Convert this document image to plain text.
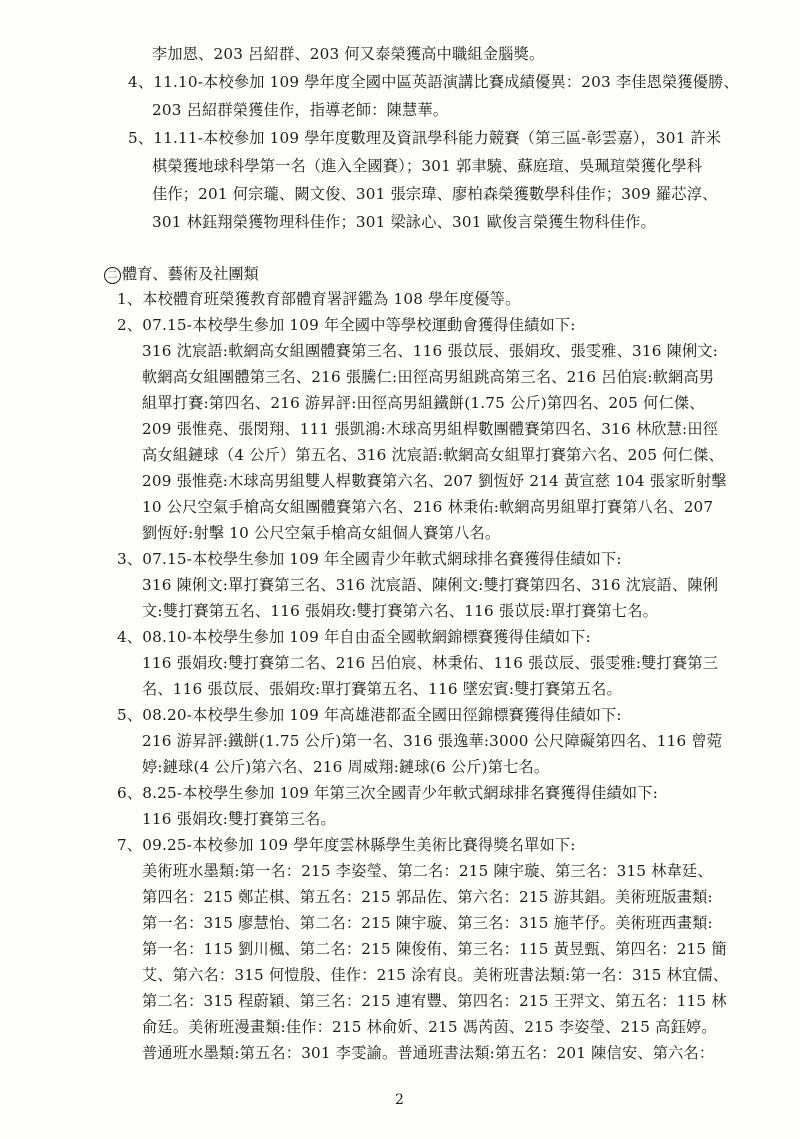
李加恩、203 呂紹群、203 何又泰榮獲高中職組金腦獎。
4、11.10-本校參加 109 學年度全國中區英語演講比賽成績優異：203 李佳恩榮獲優勝、
203 呂紹群榮獲佳作，指導老師：陳慧華。
5、11.11-本校參加 109 學年度數理及資訊學科能力競賽（第三區-彰雲嘉），301 許米
棋榮獲地球科學第一名（進入全國賽）；301 郭聿驍、蘇庭瑄、吳珮瑄榮獲化學科
佳作；201 何宗瓏、闕文俊、301 張宗瑋、廖柏森榮獲數學科佳作；309 羅芯淳、
301 林鈺翔榮獲物理科佳作；301 梁詠心、301 歐俊言榮獲生物科佳作。
二 體育、藝術及社團類
1、本校體育班榮獲教育部體育署評鑑為 108 學年度優等。
2、07.15-本校學生參加 109 年全國中等學校運動會獲得佳績如下:
316 沈宸語:軟網高女組團體賽第三名、116 張苡辰、張娟玫、張雯雅、316 陳俐文:
軟網高女組團體第三名、216 張騰仁:田徑高男組跳高第三名、216 呂伯宸:軟網高男
組單打賽:第四名、216 游昇評:田徑高男組鐵餅(1.75 公斤)第四名、205 何仁傑、
209 張惟堯、張閔翔、111 張凱鴻:木球高男組桿數團體賽第四名、316 林欣慧:田徑
高女組鏈球（4 公斤）第五名、316 沈宸語:軟網高女組單打賽第六名、205 何仁傑、
209 張惟堯:木球高男組雙人桿數賽第六名、207 劉恆妤 214 黃宣慈 104 張家昕射擊
10 公尺空氣手槍高女組團體賽第六名、216 林秉佑:軟網高男組單打賽第八名、207
劉恆妤:射擊 10 公尺空氣手槍高女組個人賽第八名。
3、07.15-本校學生參加 109 年全國青少年軟式網球排名賽獲得佳績如下:
316 陳俐文:單打賽第三名、316 沈宸語、陳俐文:雙打賽第四名、316 沈宸語、陳俐
文:雙打賽第五名、116 張娟玫:雙打賽第六名、116 張苡辰:單打賽第七名。
4、08.10-本校學生參加 109 年自由盃全國軟網錦標賽獲得佳績如下:
116 張娟玫:雙打賽第二名、216 呂伯宸、林秉佑、116 張苡辰、張雯雅:雙打賽第三
名、116 張苡辰、張娟玫:單打賽第五名、116 墜宏賓:雙打賽第五名。
5、08.20-本校學生參加 109 年高雄港都盃全國田徑錦標賽獲得佳績如下:
216 游昇評:鐵餅(1.75 公斤)第一名、316 張逸華:3000 公尺障礙第四名、116 曾菀
婷:鏈球(4 公斤)第六名、216 周威翔:鏈球(6 公斤)第七名。
6、8.25-本校學生參加 109 年第三次全國青少年軟式網球排名賽獲得佳績如下:
116 張娟玫:雙打賽第三名。
7、09.25-本校參加 109 學年度雲林縣學生美術比賽得獎名單如下:
美術班水墨類:第一名：215 李姿瑩、第二名：215 陳宇璇、第三名：315 林韋廷、
第四名：215 鄭芷棋、第五名：215 郭品佐、第六名：215 游其錩。美術班版畫類:
第一名：315 廖慧怡、第二名：215 陳宇璇、第三名：315 施芊伃。美術班西畫類:
第一名：115 劉川楓、第二名：215 陳俊侑、第三名：115 黃昱甄、第四名：215 簡
艾、第六名：315 何愷殷、佳作：215 涂宥良。美術班書法類:第一名：315 林宜儒、
第二名：315 程蔚穎、第三名：215 連宥豐、第四名：215 王羿文、第五名：115 林
俞廷。美術班漫畫類:佳作：215 林俞妡、215 馮芮茵、215 李姿瑩、215 高鈺婷。
普通班水墨類:第五名：301 李雯諭。普通班書法類:第五名：201 陳信安、第六名：
2
